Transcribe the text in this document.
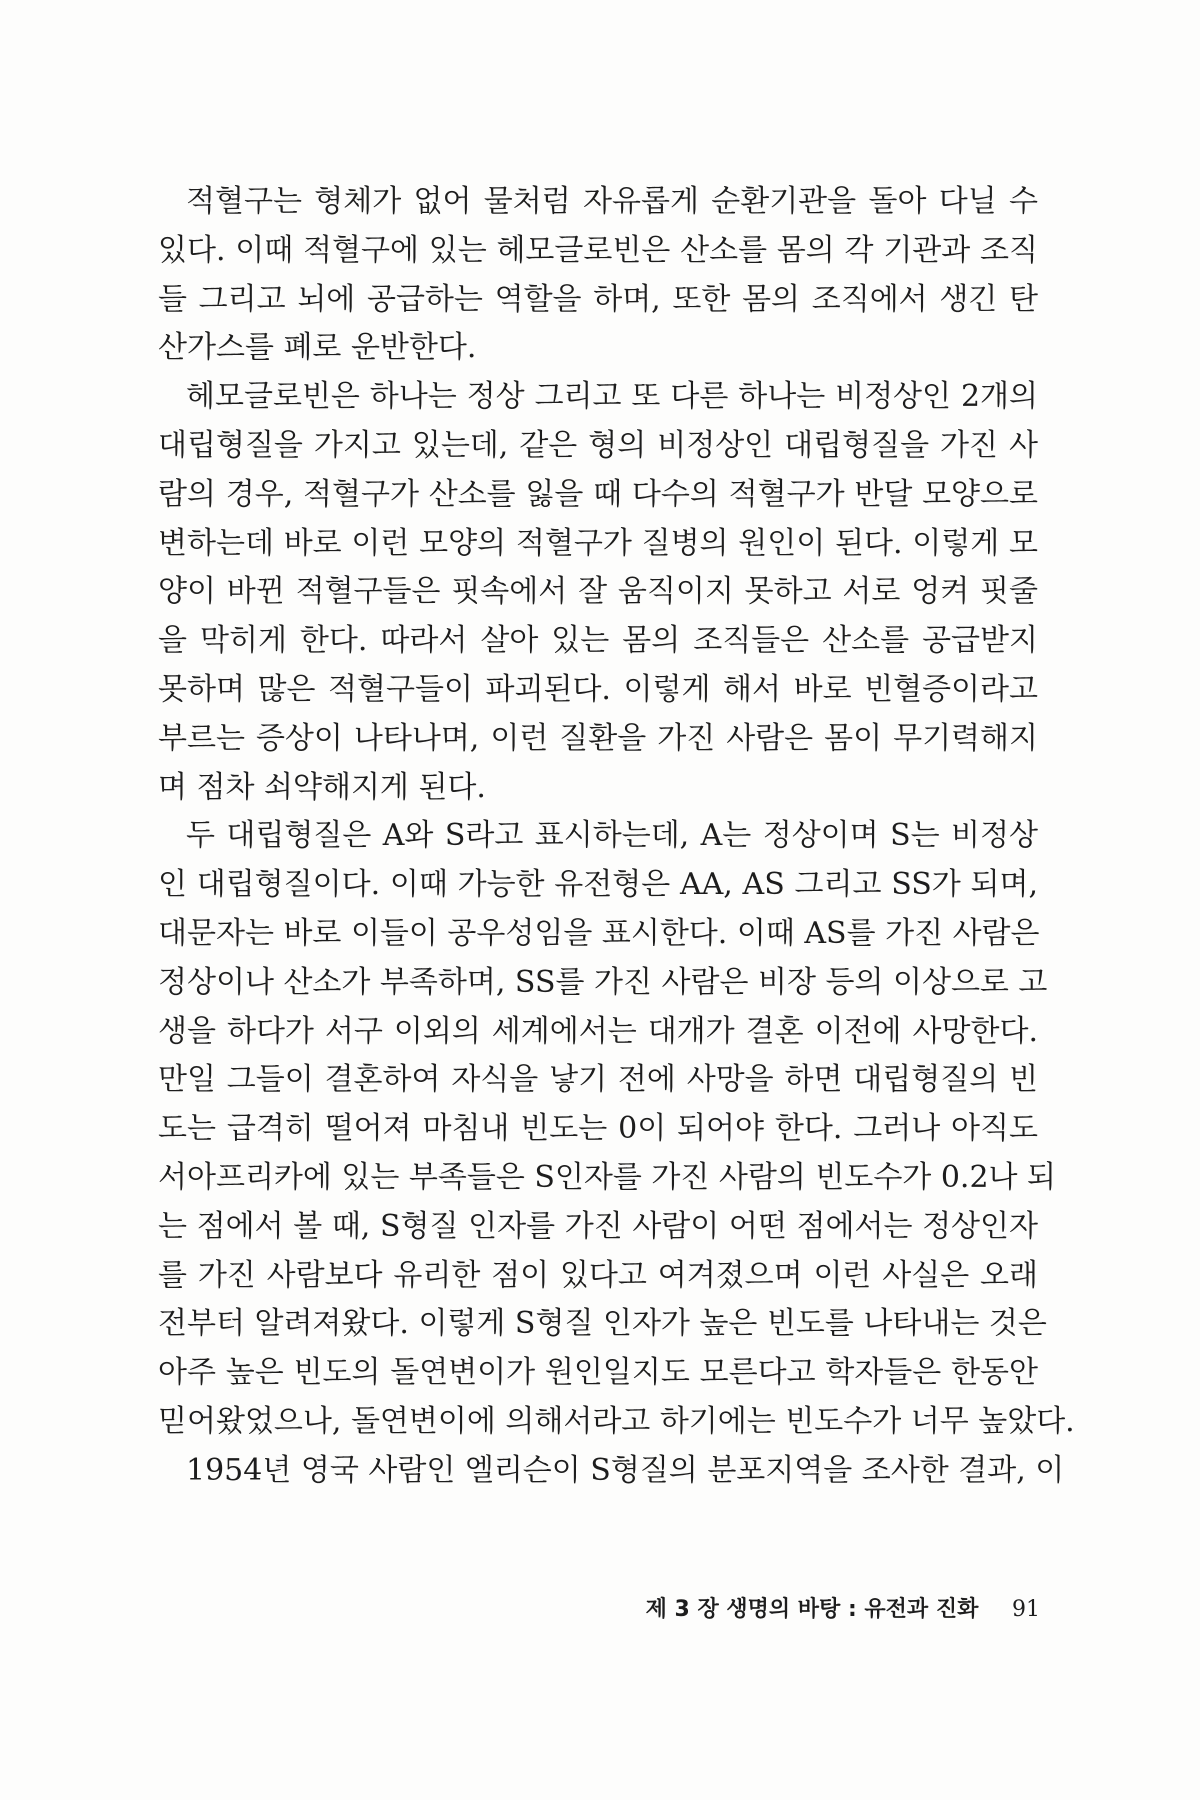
적혈구는 형체가 없어 물처럼 자유롭게 순환기관을 돌아 다닐 수
있다. 이때 적혈구에 있는 헤모글로빈은 산소를 몸의 각 기관과 조직
들 그리고 뇌에 공급하는 역할을 하며, 또한 몸의 조직에서 생긴 탄
산가스를 폐로 운반한다.
헤모글로빈은 하나는 정상 그리고 또 다른 하나는 비정상인 2개의
대립형질을 가지고 있는데, 같은 형의 비정상인 대립형질을 가진 사
람의 경우, 적혈구가 산소를 잃을 때 다수의 적혈구가 반달 모양으로
변하는데 바로 이런 모양의 적혈구가 질병의 원인이 된다. 이렇게 모
양이 바뀐 적혈구들은 핏속에서 잘 움직이지 못하고 서로 엉켜 핏줄
을 막히게 한다. 따라서 살아 있는 몸의 조직들은 산소를 공급받지
못하며 많은 적혈구들이 파괴된다. 이렇게 해서 바로 빈혈증이라고
부르는 증상이 나타나며, 이런 질환을 가진 사람은 몸이 무기력해지
며 점차 쇠약해지게 된다.
두 대립형질은 A와 S라고 표시하는데, A는 정상이며 S는 비정상
인 대립형질이다. 이때 가능한 유전형은 AA, AS 그리고 SS가 되며,
대문자는 바로 이들이 공우성임을 표시한다. 이때 AS를 가진 사람은
정상이나 산소가 부족하며, SS를 가진 사람은 비장 등의 이상으로 고
생을 하다가 서구 이외의 세계에서는 대개가 결혼 이전에 사망한다.
만일 그들이 결혼하여 자식을 낳기 전에 사망을 하면 대립형질의 빈
도는 급격히 떨어져 마침내 빈도는 0이 되어야 한다. 그러나 아직도
서아프리카에 있는 부족들은 S인자를 가진 사람의 빈도수가 0.2나 되
는 점에서 볼 때, S형질 인자를 가진 사람이 어떤 점에서는 정상인자
를 가진 사람보다 유리한 점이 있다고 여겨졌으며 이런 사실은 오래
전부터 알려져왔다. 이렇게 S형질 인자가 높은 빈도를 나타내는 것은
아주 높은 빈도의 돌연변이가 원인일지도 모른다고 학자들은 한동안
믿어왔었으나, 돌연변이에 의해서라고 하기에는 빈도수가 너무 높았다.
1954년 영국 사람인 엘리슨이 S형질의 분포지역을 조사한 결과, 이
제 3 장 생명의 바탕 : 유전과 진화 91
